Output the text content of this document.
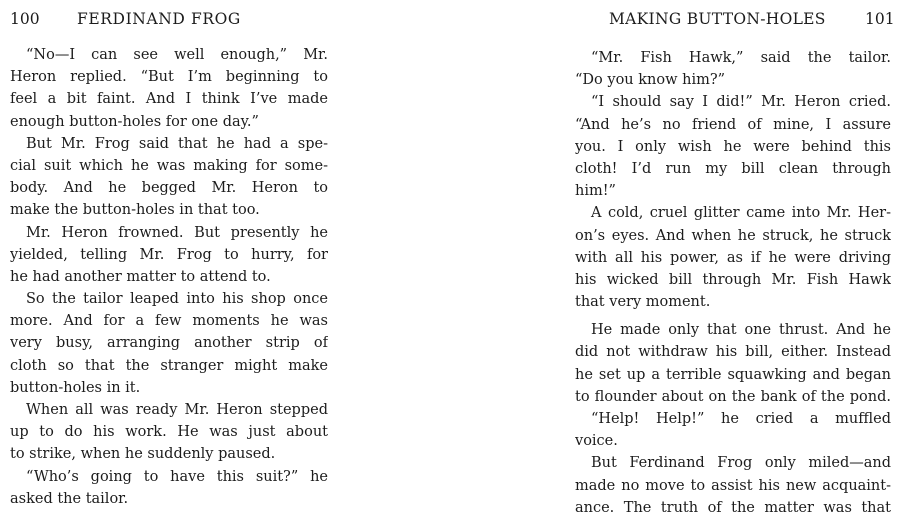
100 FERDINAND FROG
“No—I can see well enough,” Mr.
Heron replied. “But I’m beginning to
feel a bit faint. And I think I’ve made
enough button-holes for one day.”
But Mr. Frog said that he had a spe-
cial suit which he was making for some-
body. And he begged Mr. Heron to
make the button-holes in that too.
Mr. Heron frowned. But presently he
yielded, telling Mr. Frog to hurry, for
he had another matter to attend to.
So the tailor leaped into his shop once
more. And for a few moments he was
very busy, arranging another strip of
cloth so that the stranger might make
button-holes in it.
When all was ready Mr. Heron stepped
up to do his work. He was just about
to strike, when he suddenly paused.
“Who’s going to have this suit?” he
asked the tailor.
MAKING BUTTON-HOLES	101
“Mr. Fish Hawk,” said the tailor.
“Do you know him?”
“I should say I did!” Mr. Heron cried.
“And he’s no friend of mine, I assure
you. I only wish he were behind this
cloth! I’d run my bill clean through
him!”
A cold, cruel glitter came into Mr. Her-
on’s eyes. And when he struck, he struck
with all his power, as if he were driving
his wicked bill through Mr. Fish Hawk
that very moment.
He made only that one thrust. And he
did not withdraw his bill, either. Instead
he set up a terrible squawking and began
to flounder about on the bank of the pond.
“Help! Help!” he cried a muffled
voice.
But Ferdinand Frog only miled—and
made no move to assist his new acquaint-
ance. The truth of the matter was that
